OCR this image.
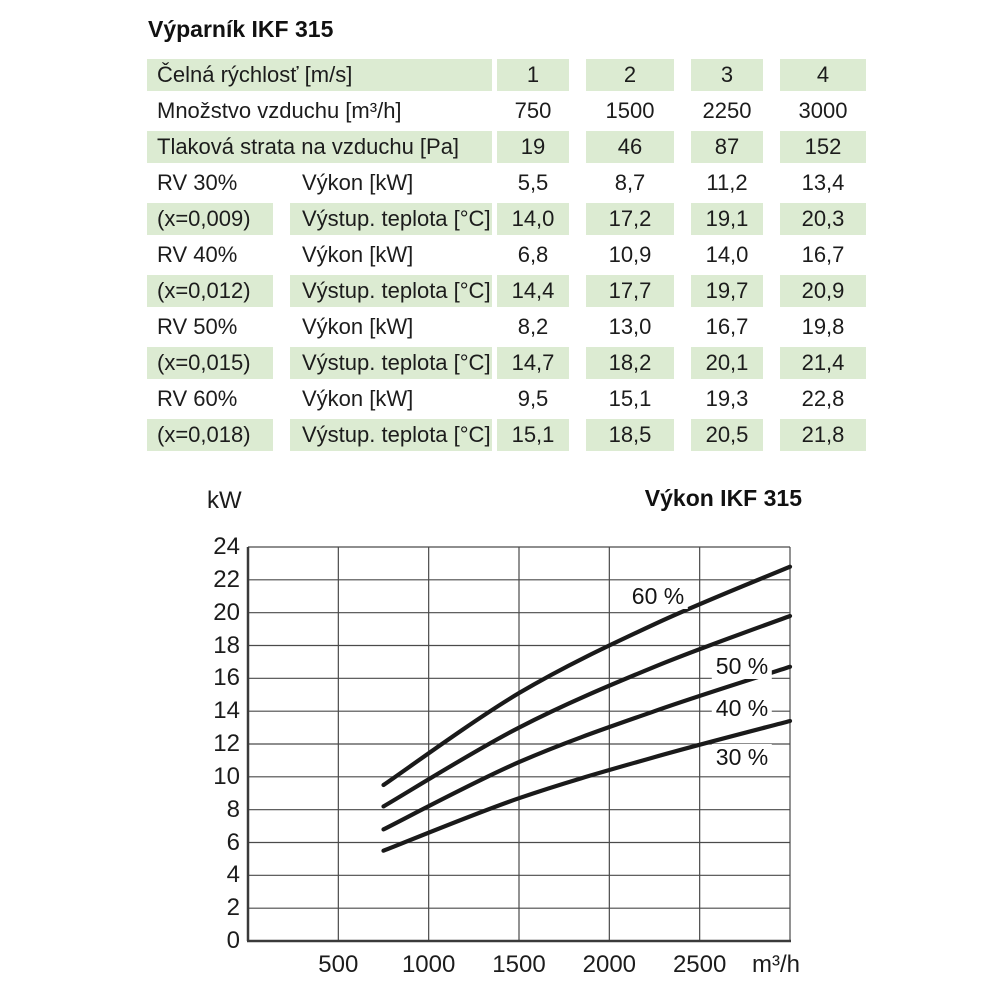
Výparník IKF 315
Čelná rýchlosť [m/s]		1	2	3	4
Množstvo vzduchu [m³/h]		750	1500	2250	3000
Tlaková strata na vzduchu [Pa]		19	46	87	152
RV 30%	Výkon [kW]	5,5	8,7	11,2	13,4
(x=0,009)	Výstup. teplota [°C]	14,0	17,2	19,1	20,3
RV 40%	Výkon [kW]	6,8	10,9	14,0	16,7
(x=0,012)	Výstup. teplota [°C]	14,4	17,7	19,7	20,9
RV 50%	Výkon [kW]	8,2	13,0	16,7	19,8
(x=0,015)	Výstup. teplota [°C]	14,7	18,2	20,1	21,4
RV 60%	Výkon [kW]	9,5	15,1	19,3	22,8
(x=0,018)	Výstup. teplota [°C]	15,1	18,5	20,5	21,8
kW	Výkon IKF 315
m³/h
60 %
50 %
40 %
30 %
0
2
4
6
8
10
12
14
16
18
20
22
24
500	1000	1500	2000	2500
